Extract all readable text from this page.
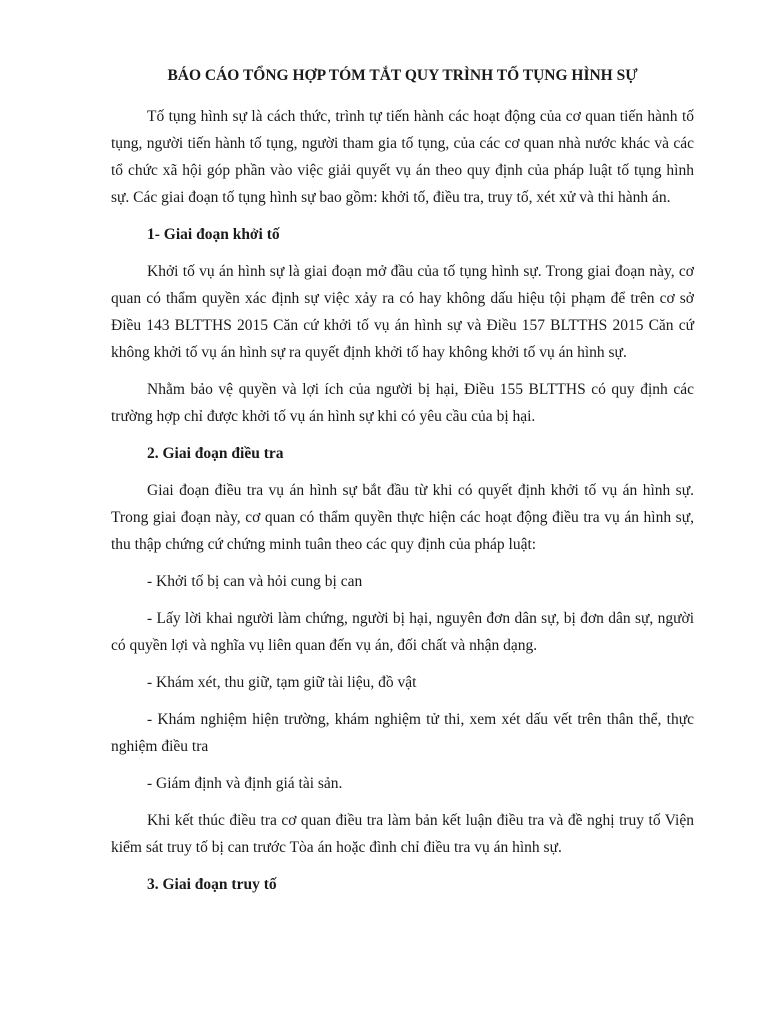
BÁO CÁO TỔNG HỢP TÓM TẮT QUY TRÌNH TỐ TỤNG HÌNH SỰ

Tố tụng hình sự là cách thức, trình tự tiến hành các hoạt động của cơ quan tiến hành tố tụng, người tiến hành tố tụng, người tham gia tố tụng, của các cơ quan nhà nước khác và các tổ chức xã hội góp phần vào việc giải quyết vụ án theo quy định của pháp luật tố tụng hình sự. Các giai đoạn tố tụng hình sự bao gồm: khởi tố, điều tra, truy tố, xét xử và thi hành án.

1- Giai đoạn khởi tố

Khởi tố vụ án hình sự là giai đoạn mở đầu của tố tụng hình sự. Trong giai đoạn này, cơ quan có thẩm quyền xác định sự việc xảy ra có hay không dấu hiệu tội phạm để trên cơ sở Điều 143 BLTTHS 2015 Căn cứ khởi tố vụ án hình sự và Điều 157 BLTTHS 2015 Căn cứ không khởi tố vụ án hình sự ra quyết định khởi tố hay không khởi tố vụ án hình sự.

Nhằm bảo vệ quyền và lợi ích của người bị hại, Điều 155 BLTTHS có quy định các trường hợp chỉ được khởi tố vụ án hình sự khi có yêu cầu của bị hại.

2. Giai đoạn điều tra

Giai đoạn điều tra vụ án hình sự bắt đầu từ khi có quyết định khởi tố vụ án hình sự. Trong giai đoạn này, cơ quan có thẩm quyền thực hiện các hoạt động điều tra vụ án hình sự, thu thập chứng cứ chứng minh tuân theo các quy định của pháp luật:

- Khởi tố bị can và hỏi cung bị can

- Lấy lời khai người làm chứng, người bị hại, nguyên đơn dân sự, bị đơn dân sự, người có quyền lợi và nghĩa vụ liên quan đến vụ án, đối chất và nhận dạng.

- Khám xét, thu giữ, tạm giữ tài liệu, đồ vật

- Khám nghiệm hiện trường, khám nghiệm tử thi, xem xét dấu vết trên thân thể, thực nghiệm điều tra

- Giám định và định giá tài sản.

Khi kết thúc điều tra cơ quan điều tra làm bản kết luận điều tra và đề nghị truy tố Viện kiểm sát truy tố bị can trước Tòa án hoặc đình chỉ điều tra vụ án hình sự.

3. Giai đoạn truy tố
